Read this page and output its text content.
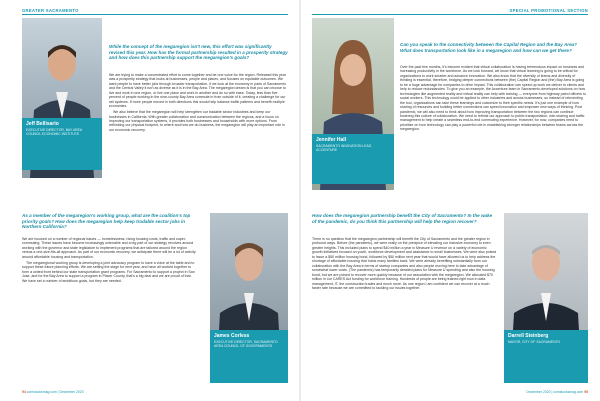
GREATER SACRAMENTO
Jeff Bellisario
EXECUTIVE DIRECTOR, BAY AREA COUNCIL ECONOMIC INSTITUTE
While the concept of the megaregion isn't new, this effort was significantly revised this year. How has the formal partnership resulted in a prosperity strategy and how does this partnership support the megaregion's goals?

We are trying to make a concentrated effort to come together and be one voice for the region. Released this year was a prosperity strategy that looks at businesses, people and places, and focuses on equitable outcomes. We want people to have better jobs through broader transportation. If we look at the economy in parts of Sacramento and the Central Valley it isn't as diverse as it is in the Bay Area. The megaregion dream is that you can choose to live and work in one region, or live one place and work in another and do so with ease. Today, less than five percent of people working in the nine-county Bay Area commute in from outside of it, creating a challenge for our rail systems. If more people moved in both directions this would help balance traffic patterns and benefit multiple economies.

We also believe that the megaregion will help strengthen our tradable sector industries and keep our businesses in California. With greater collaboration and communication between the regions, and a focus on improving our transportation systems, it provides both businesses and households with more options. From rethinking our physical footprint, to where and how we do business, the megaregion will play an important role in our economic recovery.

As a member of the megaregion's working group, what are the coalition's top priority goals? How does the megaregion help keep tradable sector jobs in Northern California?

We are focused on a number of regional issues — homelessness, rising housing costs, traffic and super-commuting. These issues have become increasingly untenable and a big part of our strategy revolves around working with the governor and state legislature to implement programs that are tailored around the region versus a one-size-fits-all approach. As part of our economic recovery, we anticipate there will be a lot of activity around affordable housing and transportation.

The megaregional working group is developing a joint advocacy program to have a voice at the table and to support these future planning efforts. We are setting the stage for next year, and have all worked together to form a united front behind our state transportation grant programs. For Sacramento to support a project in San Jose, and for the Bay Area to support a program in Placer County, that's a big deal and we are proud of that. We have set a number of ambitious goals, but they are needed.

James Corless
EXECUTIVE DIRECTOR, SACRAMENTO AREA COUNCIL OF GOVERNMENTS
94 comstocksmag.com | December 2020
SPECIAL PROMOTIONAL SECTION
Jennifer Hall
SACRAMENTO INNOVATION LEAD, ACCENTURE
Can you speak to the connectivity between the Capital Region and the Bay Area? What does transportation look like in a megaregion and how can we get there?

Over the past few months, it's become evident that virtual collaboration is having tremendous impact on business and increasing productivity in the workforce. As we look forward, we know that virtual learning is going to be critical for organizations to work smarter and advance innovation. We also know that the diversity of teams and diversity of thinking is essential, therefore, bridging deeper connections between (the) Capital Region and (the) Bay Area is going to be a huge advantage for companies to drive impact. This collaboration can speed up work we deliver to clients and help to reduce redundancies. To give you an example, the Accenture team in Sacramento developed solutions on how technologies like augmented reality and virtual reality can help with training — everyone from highway patrol officers to social workers. This technology could be applied to other industries and across businesses, so instead of reinventing the tool, organizations can take these learnings and customize to their specific needs. It's just one example of how sharing of resources and building better connections can speed innovation and empower new ways of thinking. Post pandemic, we will also need to think about how improving transportation between the two regions can continue fostering this culture of collaboration. We need to rethink our approach to public transportation, ride-sharing and traffic management to help create a seamless end-to-end commuting experience. However, for now, companies need to prioritize on how technology can play a powerful role in establishing stronger relationships between teams across the megaregion.

How does the megaregion partnership benefit the City of Sacramento? In the wake of the pandemic, do you think this partnership will help the region recover?

There is no question that the megaregion partnership will benefit the City of Sacramento and the greater region in profound ways. Before (the pandemic), we were really on the precipice of elevating our inclusive economy to even greater heights. This included plans to spend $40 million a year in Measure U revenue on a variety of economic growth initiatives focused on youth, workforce development and assistance to small businesses. We were also poised to issue a $50 million housing bond, followed by $50 million next year that would have allowed us to help address the shortage of affordable housing that holds many families back. We were already benefiting substantially from our collaboration with the Bay Area in terms of startup companies and also people moving here to take advantage of somewhat lower costs. (The pandemic) has temporarily derailed plans for Measure U spending and also the housing bond, but we are poised to recover more quickly because of our association with the megaregion. We allocated $70 million in our CARES Act funding for workforce training. Hundreds of people are being trained right now in data management, IT, the construction trades and much more. As one region I am confident we can recover at a much faster rate because we are committed to tackling our issues together.

Darrell Steinberg
MAYOR, CITY OF SACRAMENTO
December 2020 | comstocksmag.com 95
